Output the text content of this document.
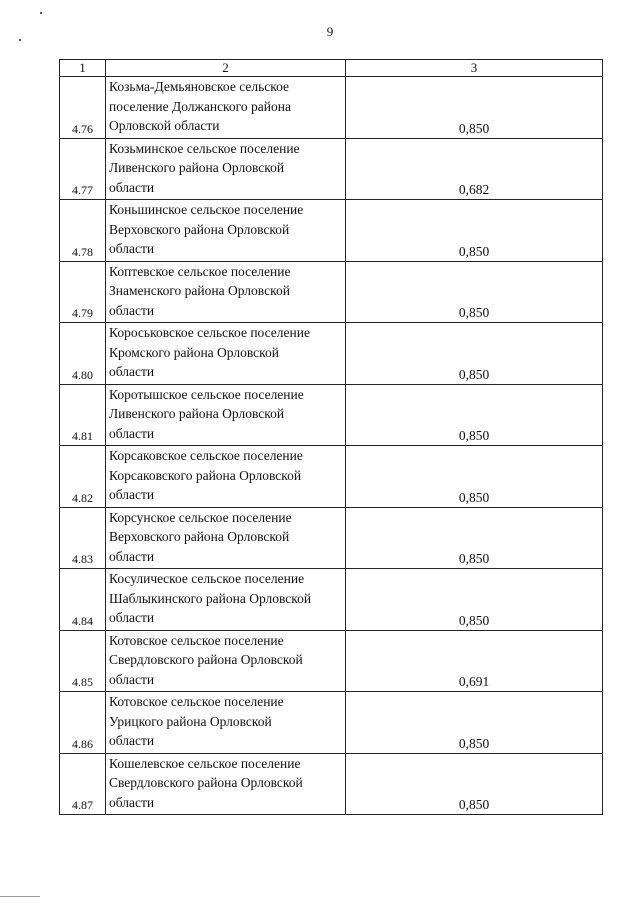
9
1	2	3
4.76	Козьма-Демьяновское сельское
поселение Должанского района
Орловской области	0,850
4.77	Козьминское сельское поселение
Ливенского района Орловской
области	0,682
4.78	Коньшинское сельское поселение
Верховского района Орловской
области	0,850
4.79	Коптевское сельское поселение
Знаменского района Орловской
области	0,850
4.80	Короськовское сельское поселение
Кромского района Орловской
области	0,850
4.81	Коротышское сельское поселение
Ливенского района Орловской
области	0,850
4.82	Корсаковское сельское поселение
Корсаковского района Орловской
области	0,850
4.83	Корсунское сельское поселение
Верховского района Орловской
области	0,850
4.84	Косуличеcкое сельское поселение
Шаблыкинского района Орловской
области	0,850
4.85	Котовское сельское поселение
Свердловского района Орловской
области	0,691
4.86	Котовское сельское поселение
Урицкого района Орловской
области	0,850
4.87	Кошелевское сельское поселение
Свердловского района Орловской
области	0,850
